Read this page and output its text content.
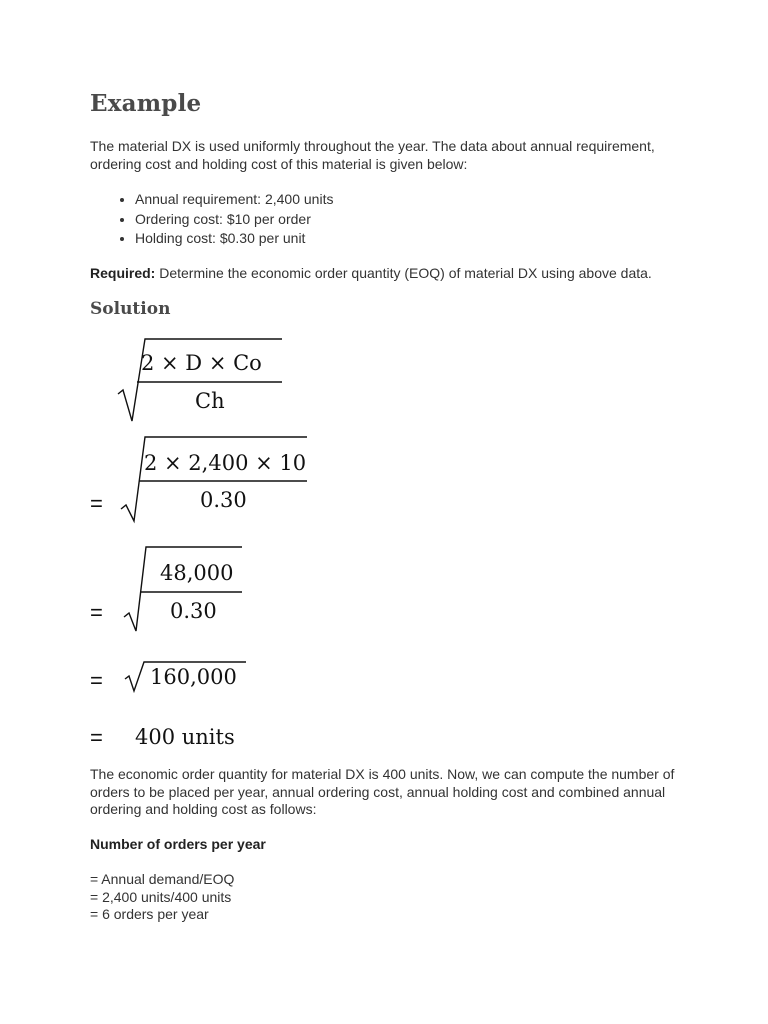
Example

The material DX is used uniformly throughout the year. The data about annual requirement, ordering cost and holding cost of this material is given below:

• Annual requirement: 2,400 units
• Ordering cost: $10 per order
• Holding cost: $0.30 per unit

Required: Determine the economic order quantity (EOQ) of material DX using above data.

Solution
2 × D × Co
Ch
=
2 × 2,400 × 10
0.30
=
48,000
0.30
= 160,000
= 400 units

The economic order quantity for material DX is 400 units. Now, we can compute the number of orders to be placed per year, annual ordering cost, annual holding cost and combined annual ordering and holding cost as follows:

Number of orders per year

= Annual demand/EOQ
= 2,400 units/400 units
= 6 orders per year
